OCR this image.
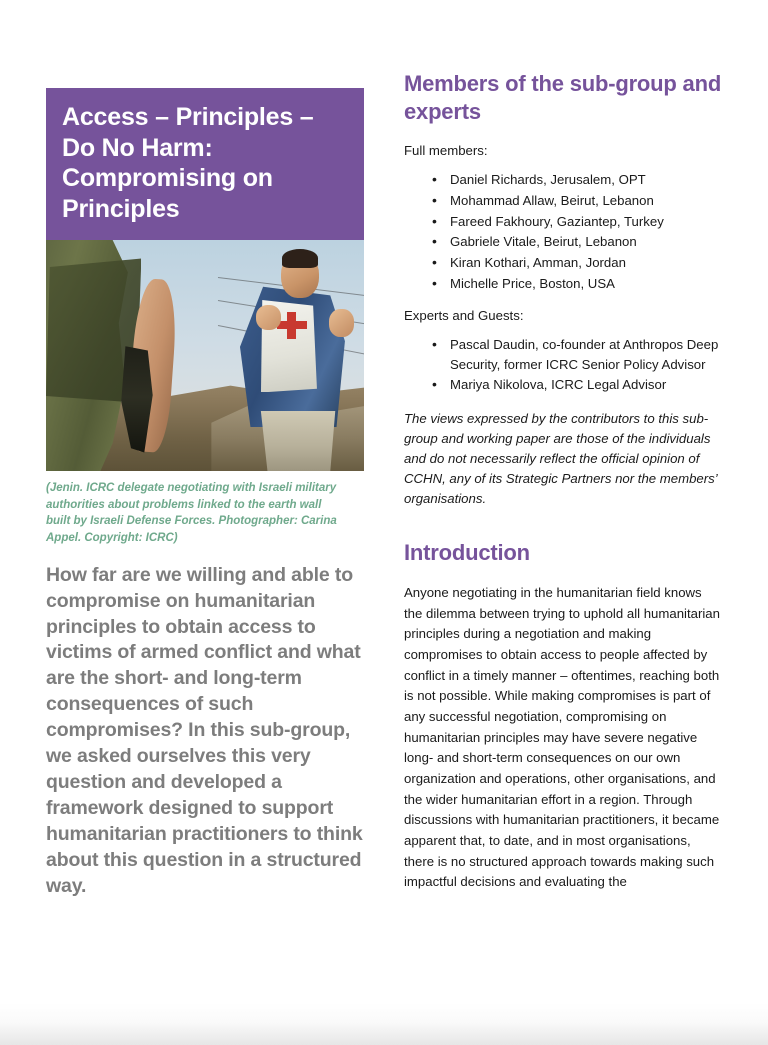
Access – Principles – Do No Harm: Compromising on Principles
(Jenin. ICRC delegate negotiating with Israeli military authorities about problems linked to the earth wall built by Israeli Defense Forces. Photographer: Carina Appel. Copyright: ICRC)
How far are we willing and able to compromise on humanitarian principles to obtain access to victims of armed conflict and what are the short- and long-term consequences of such compromises? In this sub-group, we asked ourselves this very question and developed a framework designed to support humanitarian practitioners to think about this question in a structured way.
Members of the sub-group and experts

Full members:

• Daniel Richards, Jerusalem, OPT
• Mohammad Allaw, Beirut, Lebanon
• Fareed Fakhoury, Gaziantep, Turkey
• Gabriele Vitale, Beirut, Lebanon
• Kiran Kothari, Amman, Jordan
• Michelle Price, Boston, USA

Experts and Guests:

• Pascal Daudin, co-founder at Anthropos Deep Security, former ICRC Senior Policy Advisor
• Mariya Nikolova, ICRC Legal Advisor

The views expressed by the contributors to this sub-group and working paper are those of the individuals and do not necessarily reflect the official opinion of CCHN, any of its Strategic Partners nor the members’ organisations.

Introduction

Anyone negotiating in the humanitarian field knows the dilemma between trying to uphold all humanitarian principles during a negotiation and making compromises to obtain access to people affected by conflict in a timely manner – oftentimes, reaching both is not possible. While making compromises is part of any successful negotiation, compromising on humanitarian principles may have severe negative long- and short-term consequences on our own organization and operations, other organisations, and the wider humanitarian effort in a region. Through discussions with humanitarian practitioners, it became apparent that, to date, and in most organisations, there is no structured approach towards making such impactful decisions and evaluating the
